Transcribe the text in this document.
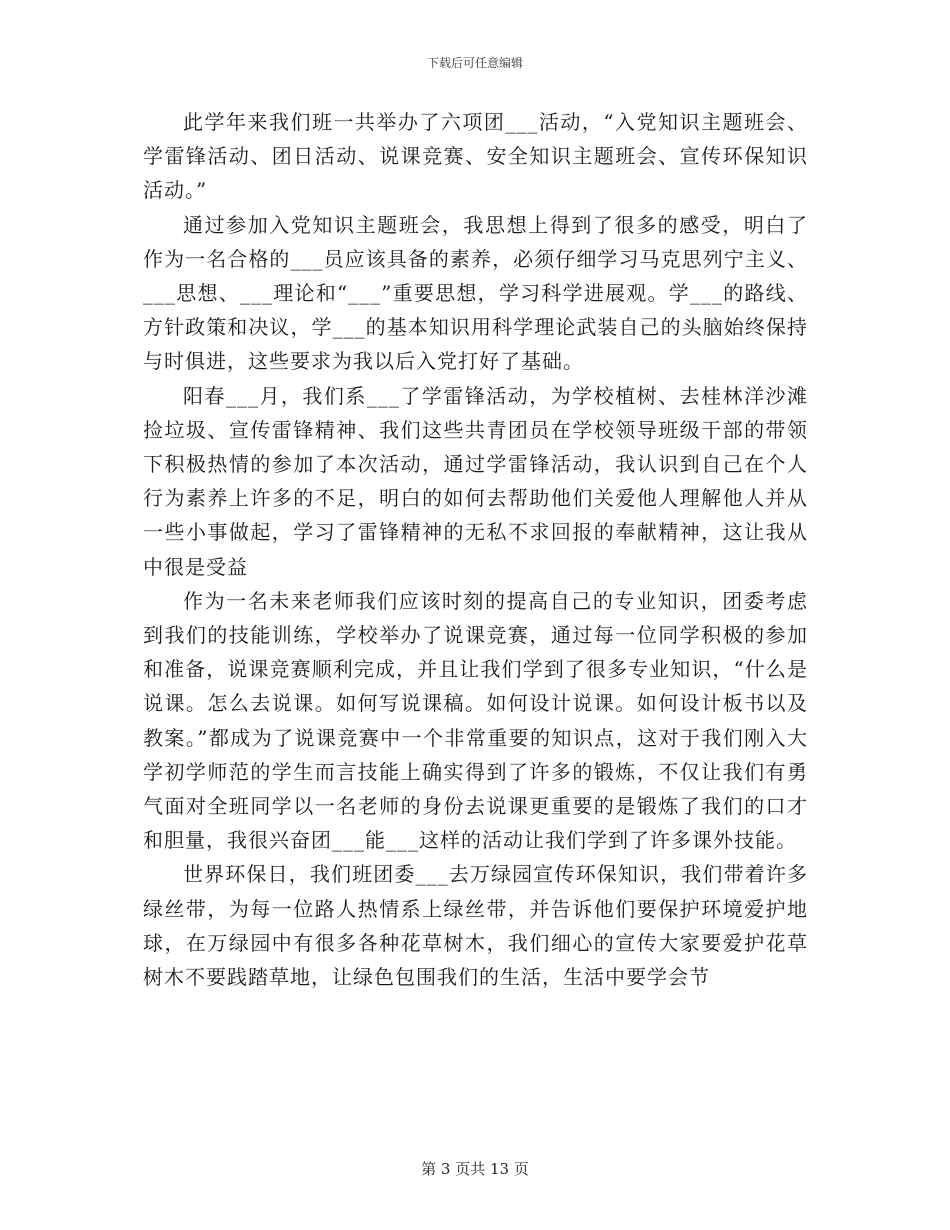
下载后可任意编辑

此学年来我们班一共举办了六项团___活动，“入党知识主题班会、学雷锋活动、团日活动、说课竞赛、安全知识主题班会、宣传环保知识活动。”

通过参加入党知识主题班会，我思想上得到了很多的感受，明白了作为一名合格的___员应该具备的素养，必须仔细学习马克思列宁主义、___思想、___理论和“___”重要思想，学习科学进展观。学___的路线、方针政策和决议，学___的基本知识用科学理论武装自己的头脑始终保持与时俱进，这些要求为我以后入党打好了基础。

阳春___月，我们系___了学雷锋活动，为学校植树、去桂林洋沙滩捡垃圾、宣传雷锋精神、我们这些共青团员在学校领导班级干部的带领下积极热情的参加了本次活动，通过学雷锋活动，我认识到自己在个人行为素养上许多的不足，明白的如何去帮助他们关爱他人理解他人并从一些小事做起，学习了雷锋精神的无私不求回报的奉献精神，这让我从中很是受益

作为一名未来老师我们应该时刻的提高自己的专业知识，团委考虑到我们的技能训练，学校举办了说课竞赛，通过每一位同学积极的参加和准备，说课竞赛顺利完成，并且让我们学到了很多专业知识，“什么是说课。怎么去说课。如何写说课稿。如何设计说课。如何设计板书以及教案。”都成为了说课竞赛中一个非常重要的知识点，这对于我们刚入大学初学师范的学生而言技能上确实得到了许多的锻炼，不仅让我们有勇气面对全班同学以一名老师的身份去说课更重要的是锻炼了我们的口才和胆量，我很兴奋团___能___这样的活动让我们学到了许多课外技能。

世界环保日，我们班团委___去万绿园宣传环保知识，我们带着许多绿丝带，为每一位路人热情系上绿丝带，并告诉他们要保护环境爱护地球，在万绿园中有很多各种花草树木，我们细心的宣传大家要爱护花草树木不要践踏草地，让绿色包围我们的生活，生活中要学会节

第 3 页共 13 页
